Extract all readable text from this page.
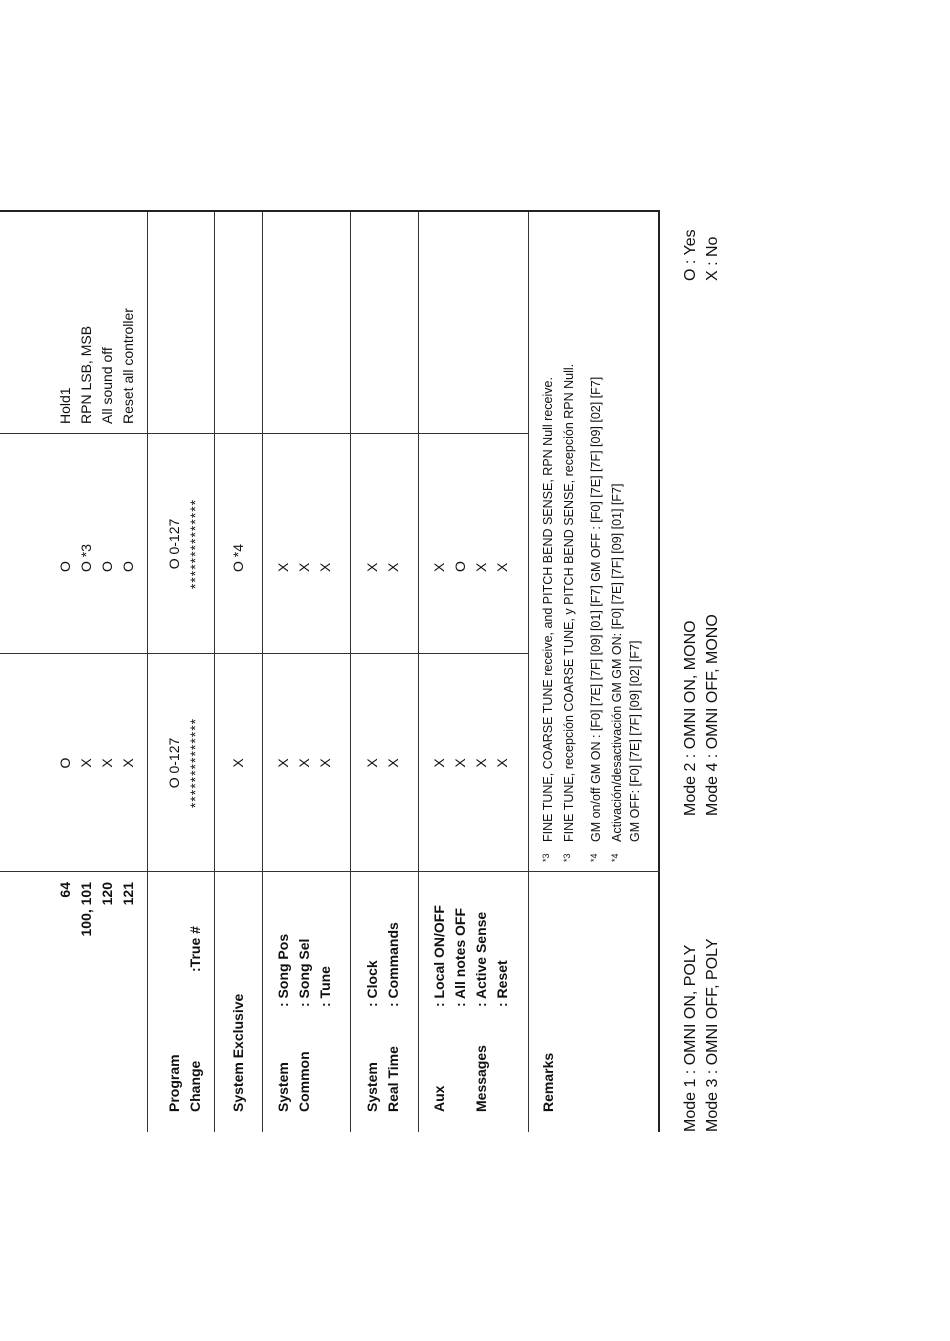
64 100, 101 120 121
O X X X
O O *3 O O
Hold1 RPN LSB, MSB All sound off Reset all controller
Program Change
:True #
O 0-127 **************
O 0-127 **************
System Exclusive
X
O *4
System Common
: Song Pos : Song Sel : Tune
X X X
X X X
System Real Time
: Clock : Commands
X X
X X
Aux Messages
: Local ON/OFF : All notes OFF : Active Sense : Reset
X X X X
X O X X
Remarks
*3FINE TUNE, COARSE TUNE receive, and PITCH BEND SENSE, RPN Null receive.
*3FINE TUNE, recepción COARSE TUNE, y PITCH BEND SENSE, recepción RPN Null.
*4GM on/off GM ON : [F0] [7E] [7F] [09] [01] [F7] GM OFF : [F0] [7E] [7F] [09] [02] [F7]
*4Activación/desactivación GM GM ON: [F0] [7E] [7F] [09] [01] [F7] GM OFF: [F0] [7E] [7F] [09] [02] [F7]
Mode 1 : OMNI ON, POLY Mode 3 : OMNI OFF, POLY
Mode 2 : OMNI ON, MONO Mode 4 : OMNI OFF, MONO
O : Yes X : No
